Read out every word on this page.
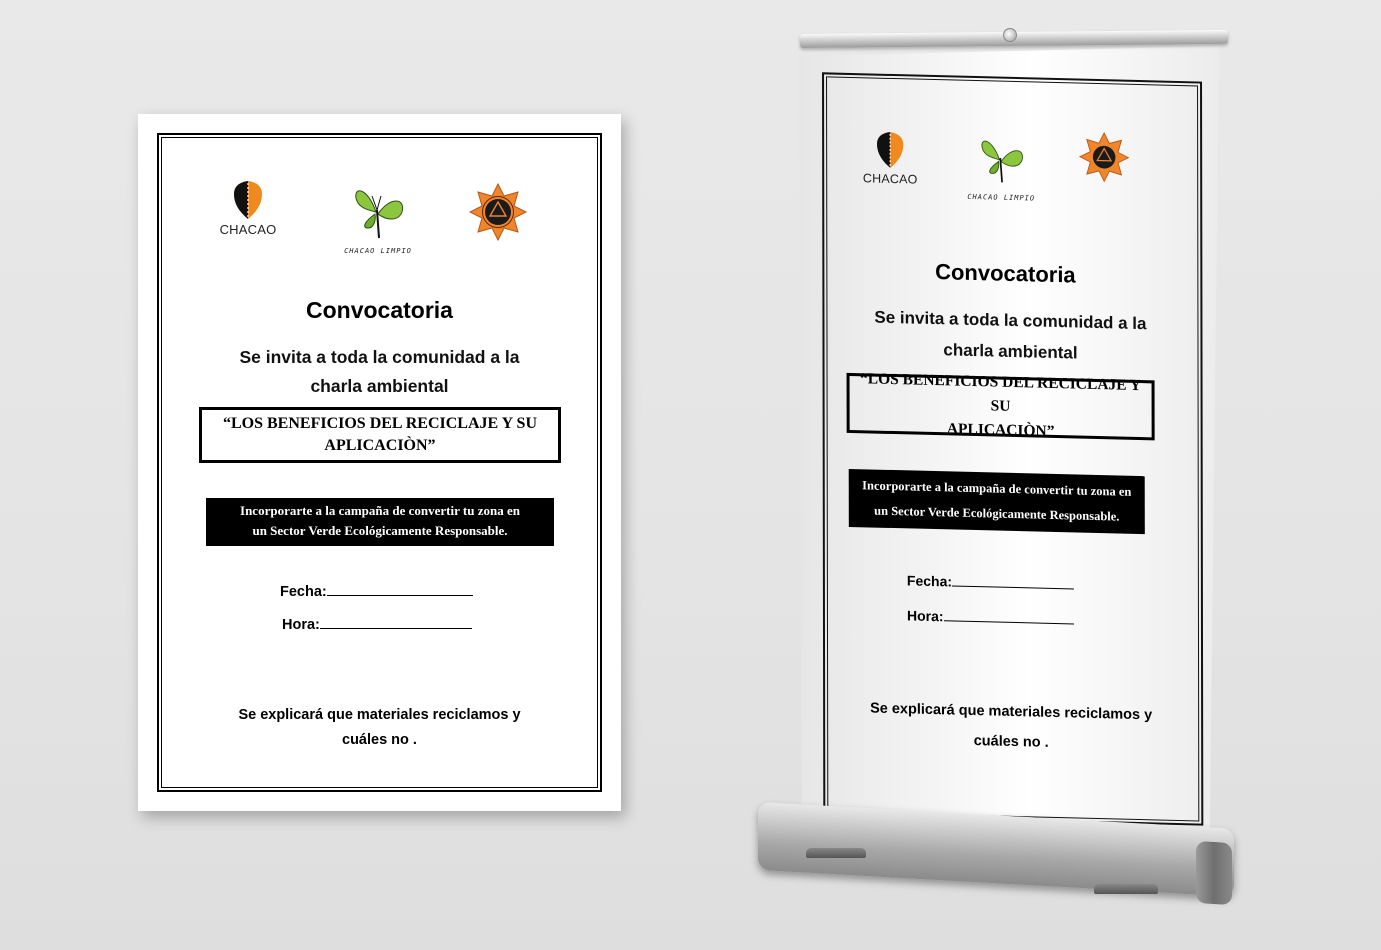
CHACAO
CHACAO LIMPIO
Convocatoria
Se invita a toda la comunidad a la
charla ambiental
“LOS BENEFICIOS DEL RECICLAJE Y SU
APLICACIÒN”
Incorporarte a la campaña de convertir tu zona en
un Sector Verde Ecológicamente Responsable.
Fecha:
Hora:
Se explicará que materiales reciclamos y
cuáles no .
CHACAO
CHACAO LIMPIO
Convocatoria
Se invita a toda la comunidad a la
charla ambiental
“LOS BENEFICIOS DEL RECICLAJE Y SU
APLICACIÒN”
Incorporarte a la campaña de convertir tu zona en
un Sector Verde Ecológicamente Responsable.
Fecha:
Hora:
Se explicará que materiales reciclamos y
cuáles no .
